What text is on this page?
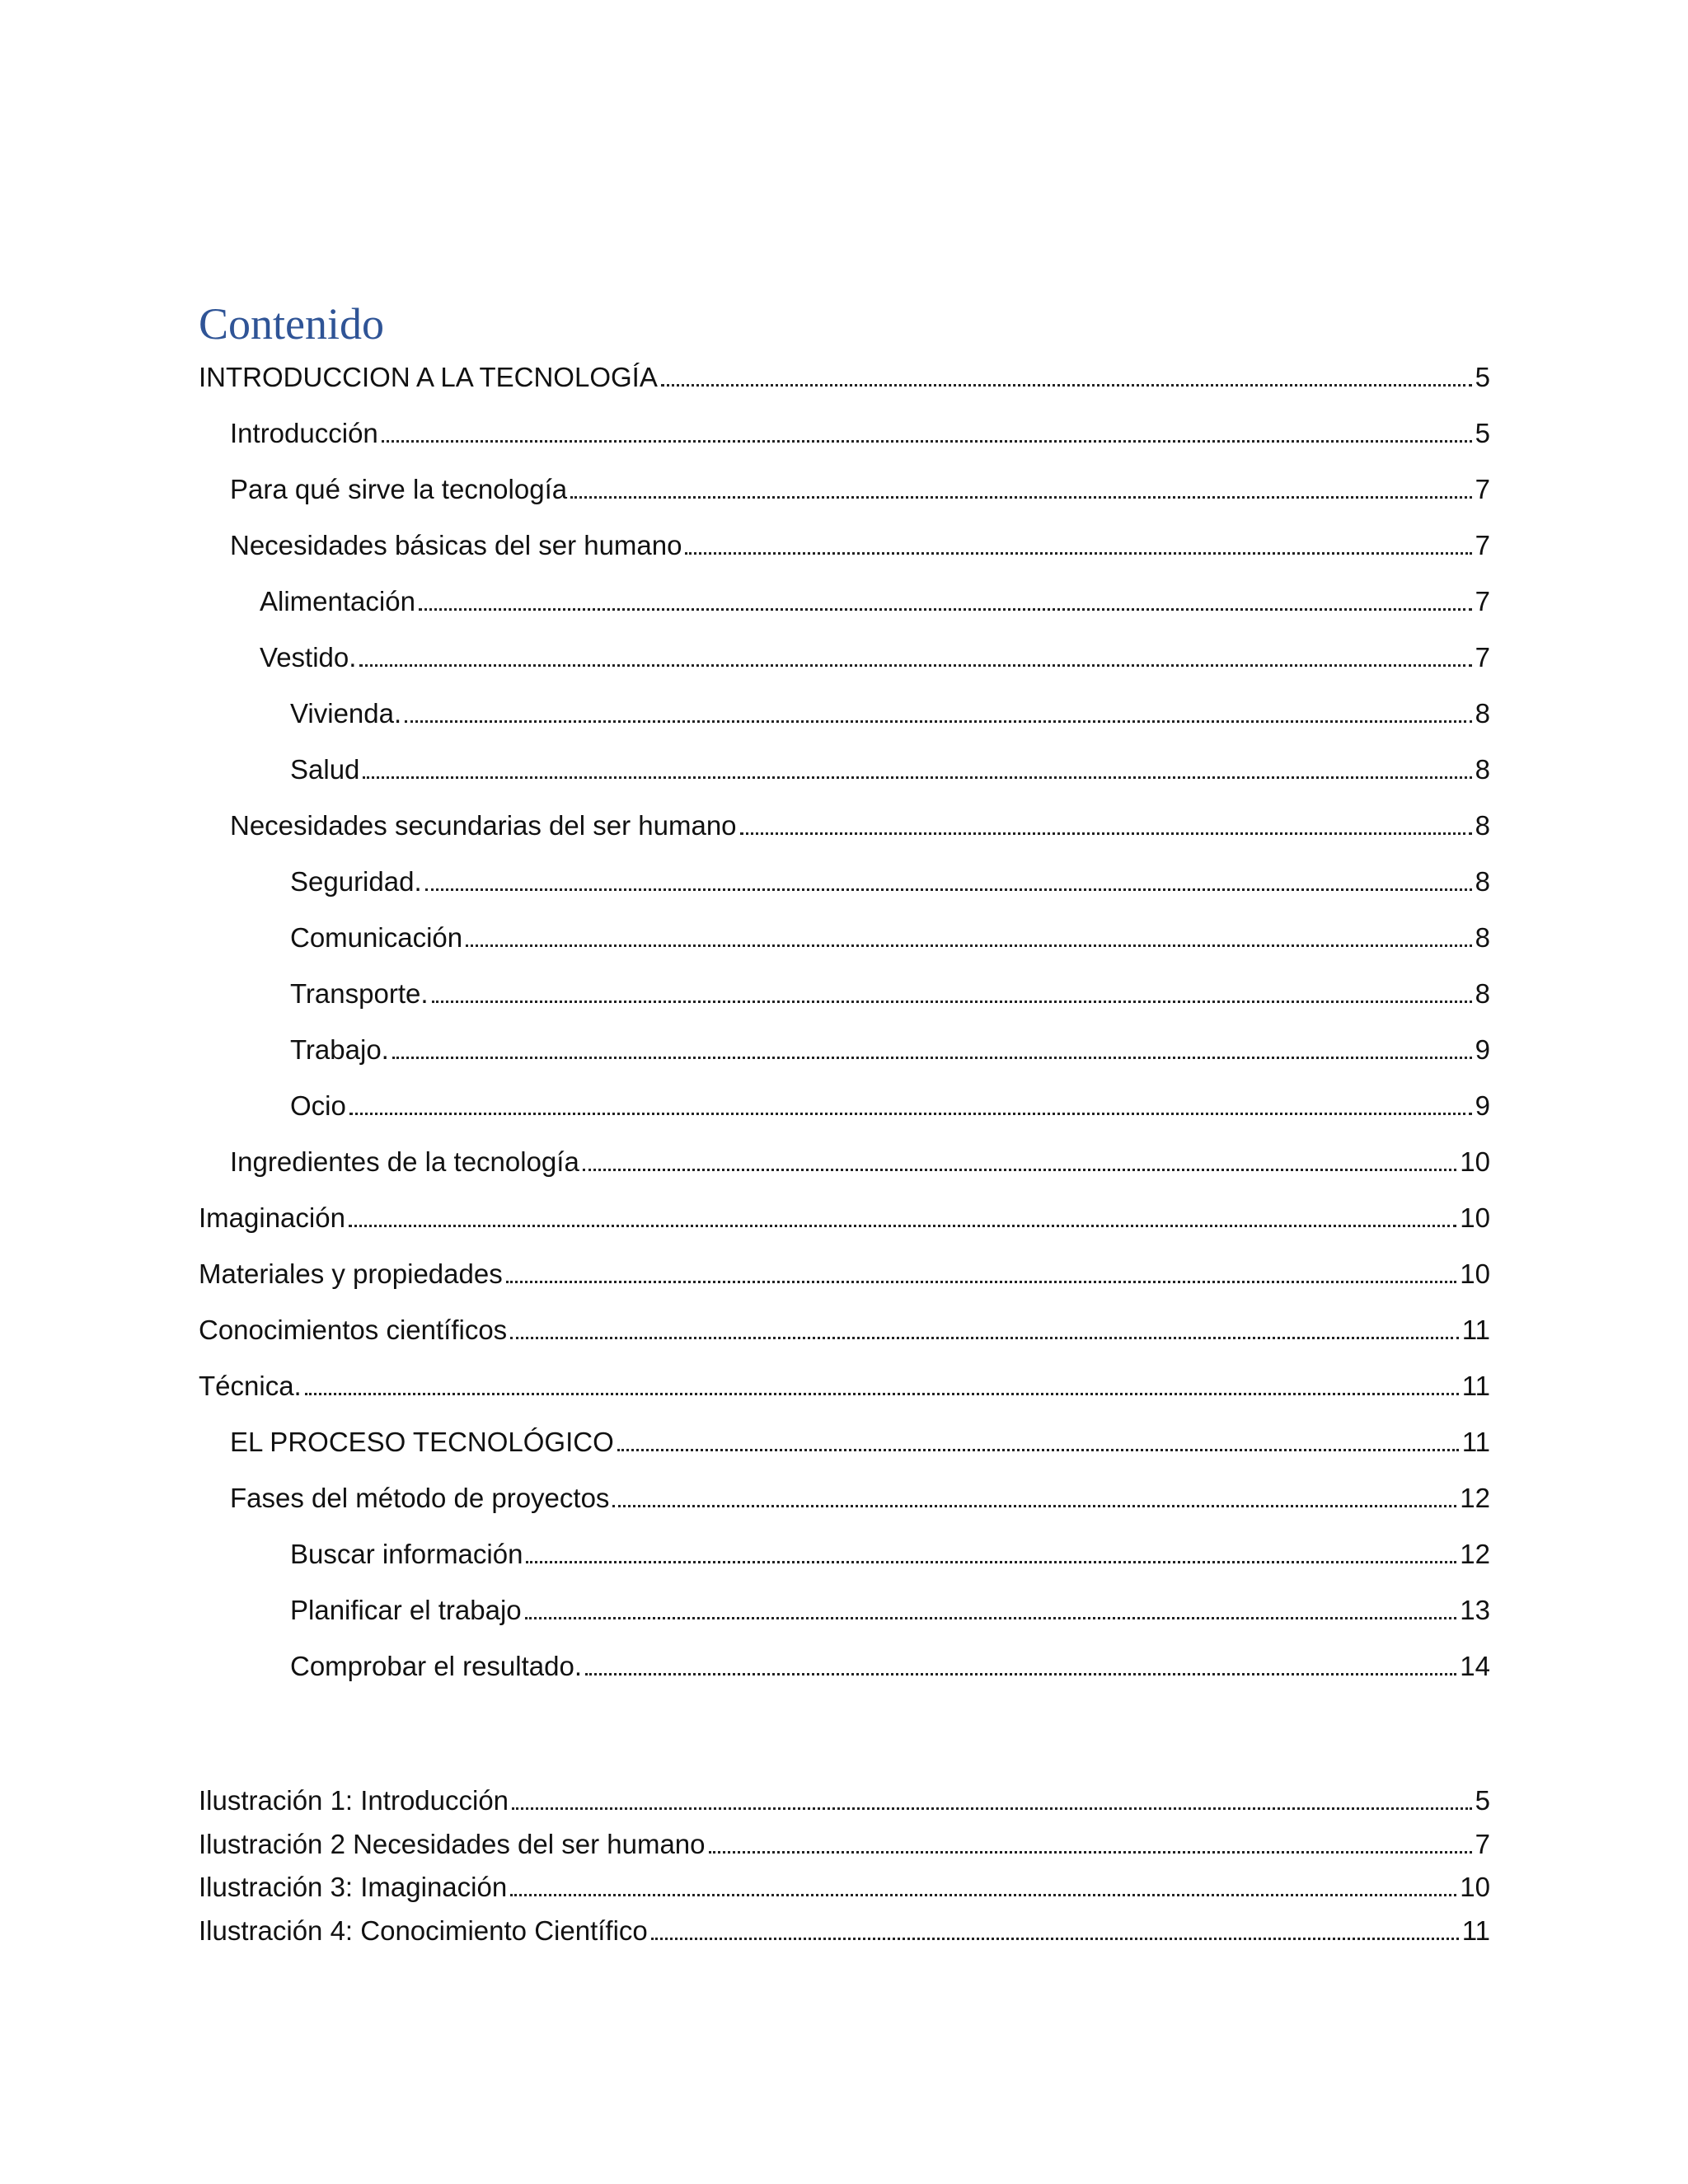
Contenido
INTRODUCCION A LA TECNOLOGÍA	5
Introducción	5
Para qué sirve la tecnología	7
Necesidades básicas del ser humano	7
Alimentación	7
Vestido.	7
Vivienda.	8
Salud	8
Necesidades secundarias del ser humano	8
Seguridad.	8
Comunicación	8
Transporte.	8
Trabajo.	9
Ocio	9
Ingredientes de la tecnología	10
Imaginación	10
Materiales y propiedades	10
Conocimientos científicos	11
Técnica.	11
EL PROCESO TECNOLÓGICO	11
Fases del método de proyectos	12
Buscar información	12
Planificar el trabajo	13
Comprobar el resultado.	14
Ilustración 1: Introducción	5
Ilustración 2 Necesidades del ser humano	7
Ilustración 3: Imaginación	10
Ilustración 4: Conocimiento Científico	11
